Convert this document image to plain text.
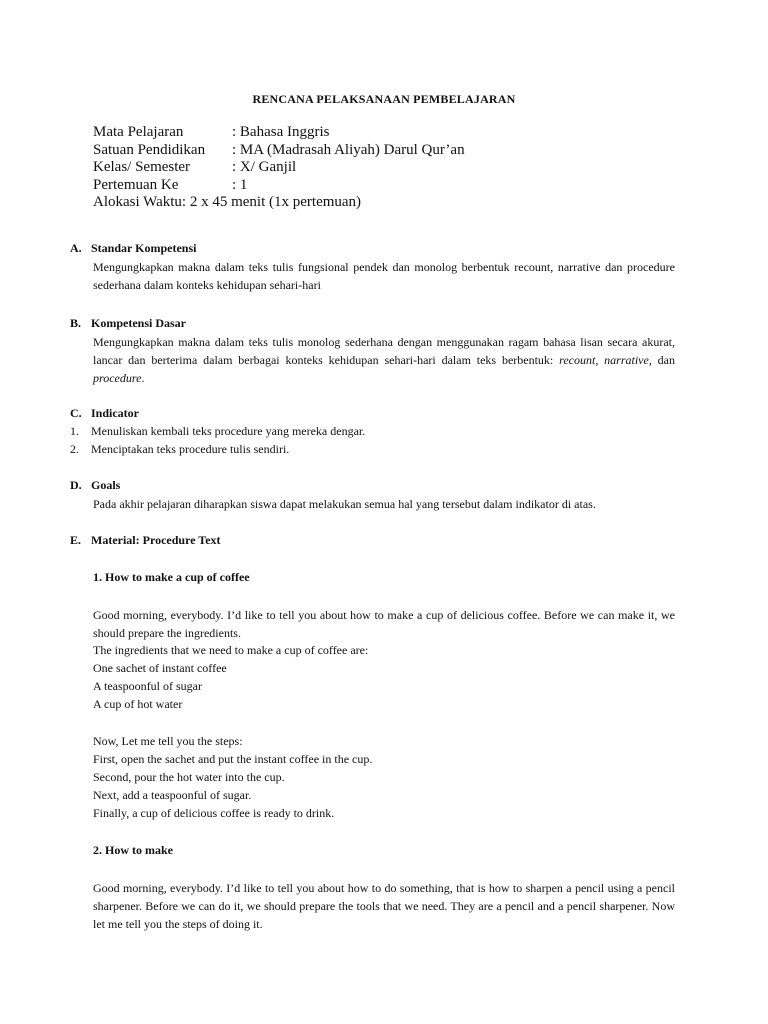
RENCANA PELAKSANAAN PEMBELAJARAN
Mata Pelajaran	: Bahasa Inggris
Satuan Pendidikan	: MA (Madrasah Aliyah) Darul Qur’an
Kelas/ Semester	: X/ Ganjil
Pertemuan Ke	: 1
Alokasi Waktu: 2 x 45 menit (1x pertemuan)
A. Standar Kompetensi
Mengungkapkan makna dalam teks tulis fungsional pendek dan monolog berbentuk recount, narrative dan procedure sederhana dalam konteks kehidupan sehari-hari
B. Kompetensi Dasar
Mengungkapkan makna dalam teks tulis monolog sederhana dengan menggunakan ragam bahasa lisan secara akurat, lancar dan berterima dalam berbagai konteks kehidupan sehari-hari dalam teks berbentuk: recount, narrative, dan procedure.
C. Indicator
1. Menuliskan kembali teks procedure yang mereka dengar.
2. Menciptakan teks procedure tulis sendiri.
D. Goals
Pada akhir pelajaran diharapkan siswa dapat melakukan semua hal yang tersebut dalam indikator di atas.
E. Material: Procedure Text
1. How to make a cup of coffee
Good morning, everybody. I’d like to tell you about how to make a cup of delicious coffee. Before we can make it, we should prepare the ingredients.
The ingredients that we need to make a cup of coffee are:
One sachet of instant coffee
A teaspoonful of sugar
A cup of hot water
Now, Let me tell you the steps:
First, open the sachet and put the instant coffee in the cup.
Second, pour the hot water into the cup.
Next, add a teaspoonful of sugar.
Finally, a cup of delicious coffee is ready to drink.
2. How to make
Good morning, everybody. I’d like to tell you about how to do something, that is how to sharpen a pencil using a pencil sharpener. Before we can do it, we should prepare the tools that we need. They are a pencil and a pencil sharpener. Now let me tell you the steps of doing it.
